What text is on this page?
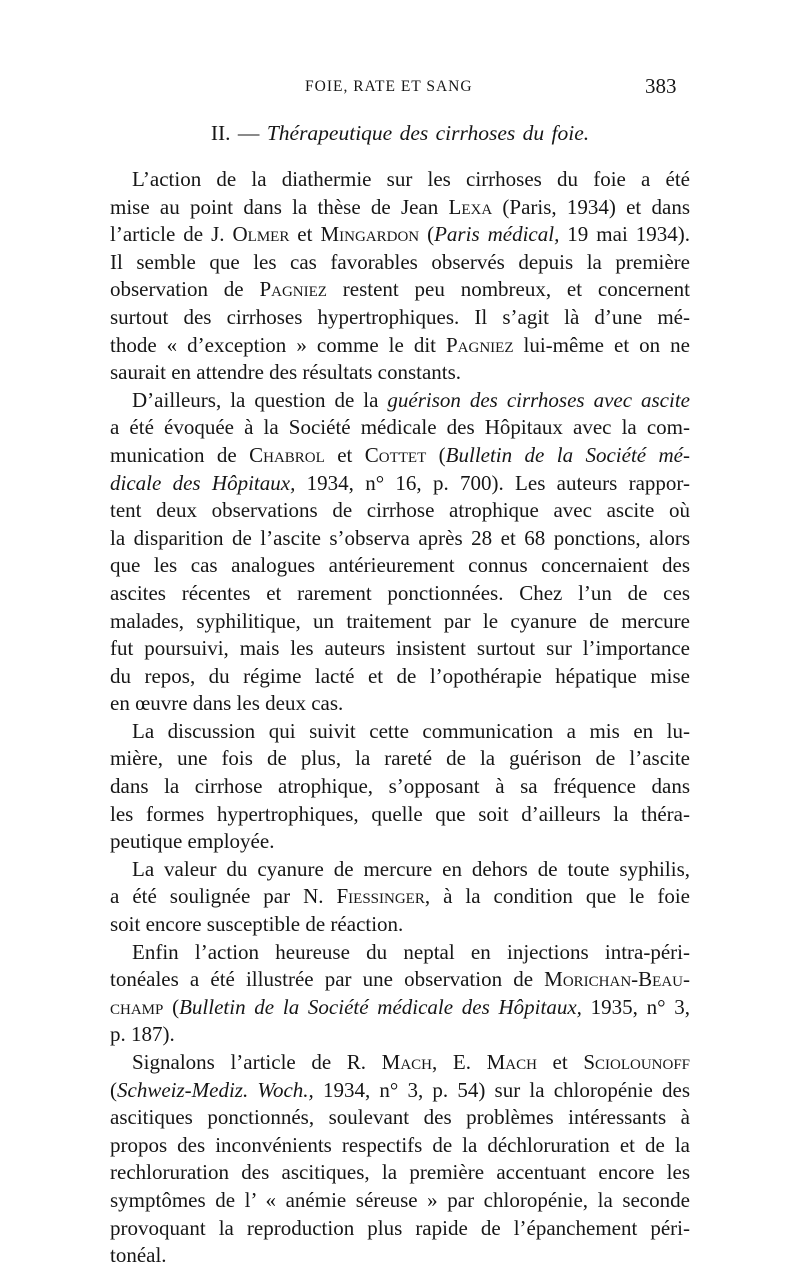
FOIE, RATE ET SANG	383
II. — Thérapeutique des cirrhoses du foie.

L’action de la diathermie sur les cirrhoses du foie a été
mise au point dans la thèse de Jean Lexa (Paris, 1934) et dans
l’article de J. Olmer et Mingardon (Paris médical, 19 mai 1934).
Il semble que les cas favorables observés depuis la première
observation de Pagniez restent peu nombreux, et concernent
surtout des cirrhoses hypertrophiques. Il s’agit là d’une mé-
thode « d’exception » comme le dit Pagniez lui-même et on ne
saurait en attendre des résultats constants.

D’ailleurs, la question de la guérison des cirrhoses avec ascite
a été évoquée à la Société médicale des Hôpitaux avec la com-
munication de Chabrol et Cottet (Bulletin de la Société mé-
dicale des Hôpitaux, 1934, n° 16, p. 700). Les auteurs rappor-
tent deux observations de cirrhose atrophique avec ascite où
la disparition de l’ascite s’observa après 28 et 68 ponctions, alors
que les cas analogues antérieurement connus concernaient des
ascites récentes et rarement ponctionnées. Chez l’un de ces
malades, syphilitique, un traitement par le cyanure de mercure
fut poursuivi, mais les auteurs insistent surtout sur l’importance
du repos, du régime lacté et de l’opothérapie hépatique mise
en œuvre dans les deux cas.

La discussion qui suivit cette communication a mis en lu-
mière, une fois de plus, la rareté de la guérison de l’ascite
dans la cirrhose atrophique, s’opposant à sa fréquence dans
les formes hypertrophiques, quelle que soit d’ailleurs la théra-
peutique employée.

La valeur du cyanure de mercure en dehors de toute syphilis,
a été soulignée par N. Fiessinger, à la condition que le foie
soit encore susceptible de réaction.

Enfin l’action heureuse du neptal en injections intra-péri-
tonéales a été illustrée par une observation de Morichan-Beau-
champ (Bulletin de la Société médicale des Hôpitaux, 1935, n° 3,
p. 187).

Signalons l’article de R. Mach, E. Mach et Sciolounoff
(Schweiz-Mediz. Woch., 1934, n° 3, p. 54) sur la chloropénie des
ascitiques ponctionnés, soulevant des problèmes intéressants à
propos des inconvénients respectifs de la déchloruration et de la
rechloruration des ascitiques, la première accentuant encore les
symptômes de l’ « anémie séreuse » par chloropénie, la seconde
provoquant la reproduction plus rapide de l’épanchement péri-
tonéal.
